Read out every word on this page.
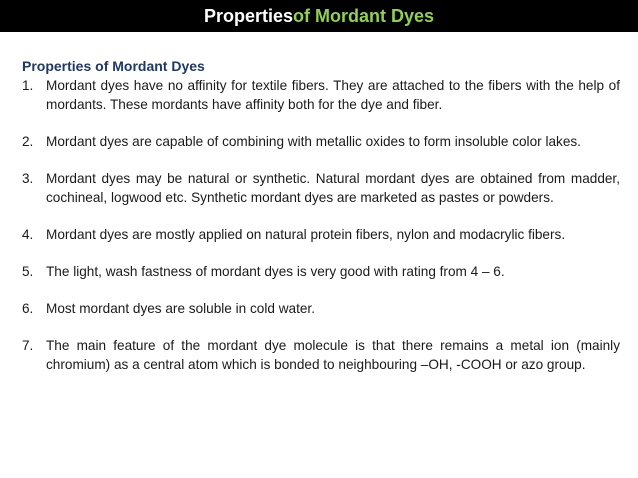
Properties of Mordant Dyes
Properties of Mordant Dyes
1. Mordant dyes have no affinity for textile fibers. They are attached to the fibers with the help of mordants. These mordants have affinity both for the dye and fiber.
2. Mordant dyes are capable of combining with metallic oxides to form insoluble color lakes.
3. Mordant dyes may be natural or synthetic. Natural mordant dyes are obtained from madder, cochineal, logwood etc. Synthetic mordant dyes are marketed as pastes or powders.
4. Mordant dyes are mostly applied on natural protein fibers, nylon and modacrylic fibers.
5. The light, wash fastness of mordant dyes is very good with rating from 4 – 6.
6. Most mordant dyes are soluble in cold water.
7. The main feature of the mordant dye molecule is that there remains a metal ion (mainly chromium) as a central atom which is bonded to neighbouring –OH, -COOH or azo group.
